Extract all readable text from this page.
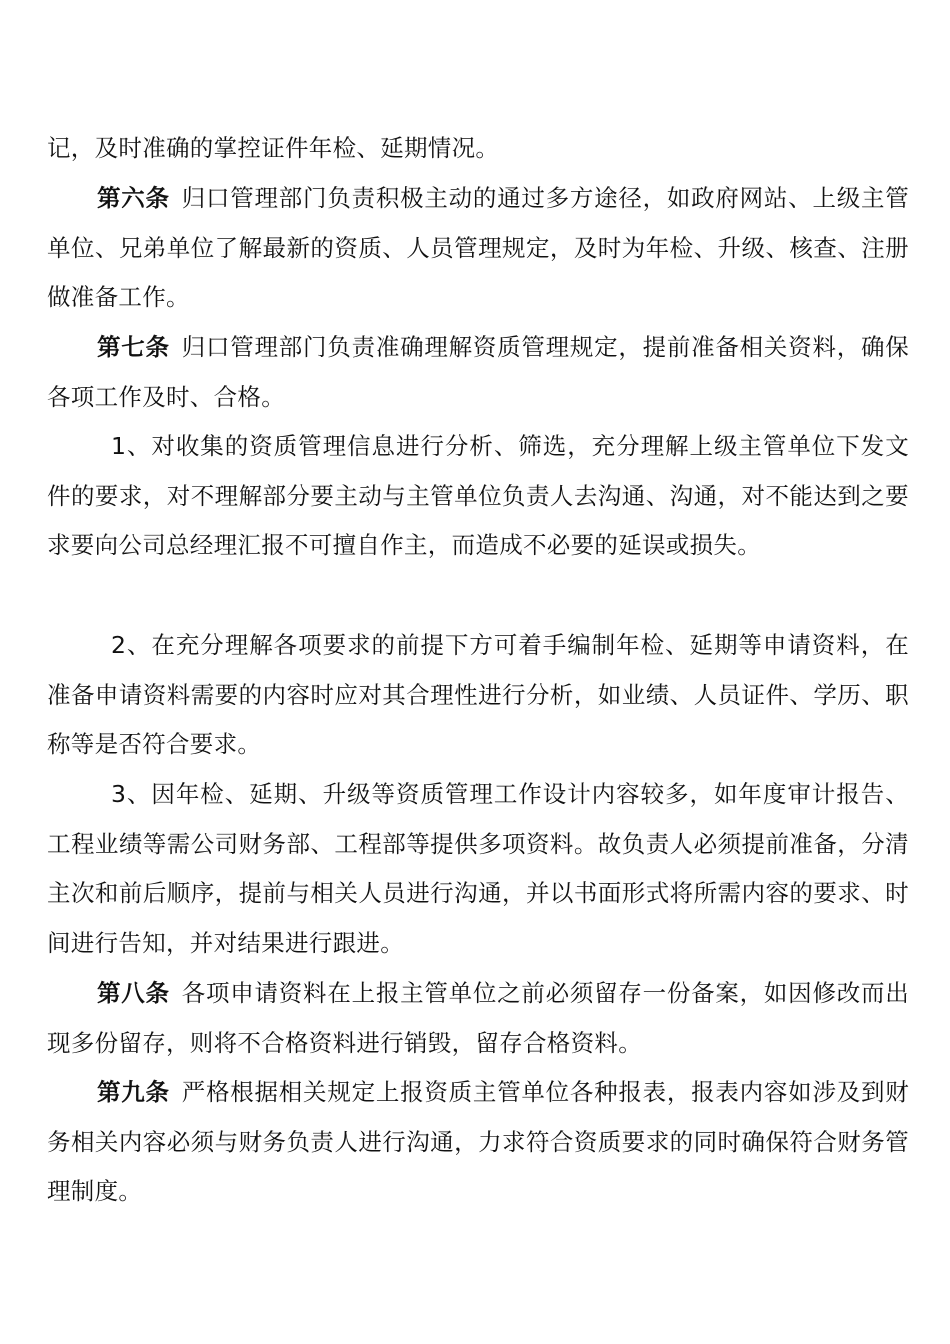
记，及时准确的掌控证件年检、延期情况。

第六条 归口管理部门负责积极主动的通过多方途径，如政府网站、上级主管单位、兄弟单位了解最新的资质、人员管理规定，及时为年检、升级、核查、注册做准备工作。

第七条 归口管理部门负责准确理解资质管理规定，提前准备相关资料，确保各项工作及时、合格。

1、对收集的资质管理信息进行分析、筛选，充分理解上级主管单位下发文件的要求，对不理解部分要主动与主管单位负责人去沟通、沟通，对不能达到之要求要向公司总经理汇报不可擅自作主，而造成不必要的延误或损失。

2、在充分理解各项要求的前提下方可着手编制年检、延期等申请资料，在准备申请资料需要的内容时应对其合理性进行分析，如业绩、人员证件、学历、职称等是否符合要求。

3、因年检、延期、升级等资质管理工作设计内容较多，如年度审计报告、工程业绩等需公司财务部、工程部等提供多项资料。故负责人必须提前准备，分清主次和前后顺序，提前与相关人员进行沟通，并以书面形式将所需内容的要求、时间进行告知，并对结果进行跟进。

第八条 各项申请资料在上报主管单位之前必须留存一份备案，如因修改而出现多份留存，则将不合格资料进行销毁，留存合格资料。

第九条 严格根据相关规定上报资质主管单位各种报表，报表内容如涉及到财务相关内容必须与财务负责人进行沟通，力求符合资质要求的同时确保符合财务管理制度。
